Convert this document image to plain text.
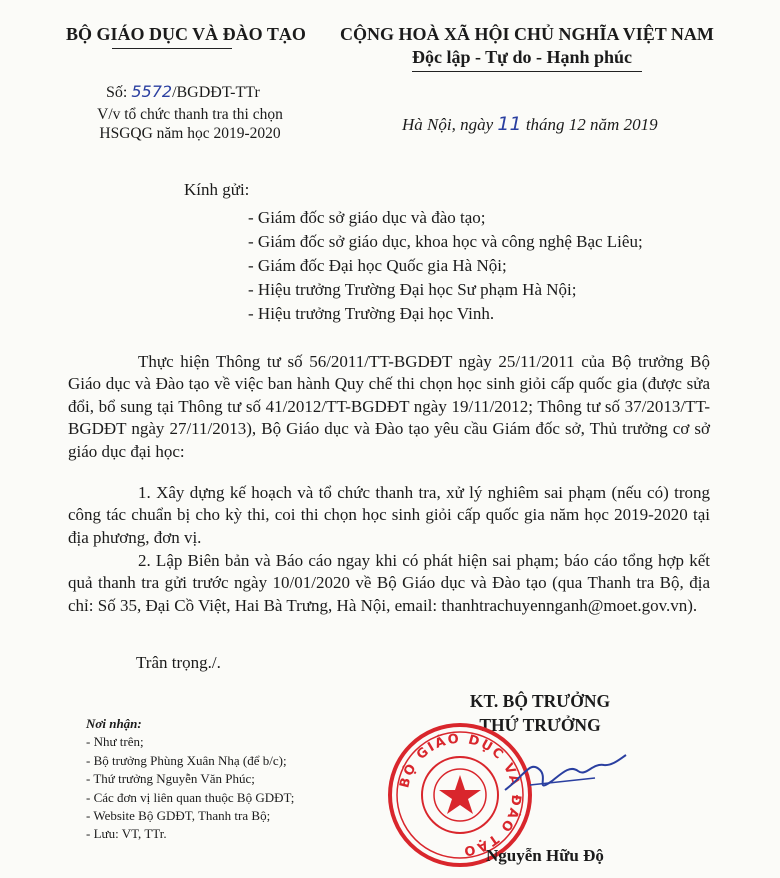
BỘ GIÁO DỤC VÀ ĐÀO TẠO CỘNG HOÀ XÃ HỘI CHỦ NGHĨA VIỆT NAM
Độc lập - Tự do - Hạnh phúc
Số: 5572/BGDĐT-TTr
V/v tổ chức thanh tra thi chọn
HSGQG năm học 2019-2020	Hà Nội, ngày 11 tháng 12 năm 2019
Kính gửi:
- Giám đốc sở giáo dục và đào tạo;
- Giám đốc sở giáo dục, khoa học và công nghệ Bạc Liêu;
- Giám đốc Đại học Quốc gia Hà Nội;
- Hiệu trưởng Trường Đại học Sư phạm Hà Nội;
- Hiệu trưởng Trường Đại học Vinh.
Thực hiện Thông tư số 56/2011/TT-BGDĐT ngày 25/11/2011 của Bộ trưởng Bộ Giáo dục và Đào tạo về việc ban hành Quy chế thi chọn học sinh giỏi cấp quốc gia (được sửa đổi, bổ sung tại Thông tư số 41/2012/TT-BGDĐT ngày 19/11/2012; Thông tư số 37/2013/TT-BGDĐT ngày 27/11/2013), Bộ Giáo dục và Đào tạo yêu cầu Giám đốc sở, Thủ trưởng cơ sở giáo dục đại học:
1. Xây dựng kế hoạch và tổ chức thanh tra, xử lý nghiêm sai phạm (nếu có) trong công tác chuẩn bị cho kỳ thi, coi thi chọn học sinh giỏi cấp quốc gia năm học 2019-2020 tại địa phương, đơn vị.
2. Lập Biên bản và Báo cáo ngay khi có phát hiện sai phạm; báo cáo tổng hợp kết quả thanh tra gửi trước ngày 10/01/2020 về Bộ Giáo dục và Đào tạo (qua Thanh tra Bộ, địa chỉ: Số 35, Đại Cồ Việt, Hai Bà Trưng, Hà Nội, email: thanhtrachuyennganh@moet.gov.vn).
Trân trọng./.
Nơi nhận:
- Như trên;
- Bộ trưởng Phùng Xuân Nhạ (để b/c);
- Thứ trưởng Nguyễn Văn Phúc;
- Các đơn vị liên quan thuộc Bộ GDĐT;
- Website Bộ GDĐT, Thanh tra Bộ;
- Lưu: VT, TTr.
KT. BỘ TRƯỞNG
THỨ TRƯỞNG
BỘ GIÁO DỤC VÀ ĐÀO TẠO Nguyễn Hữu Độ
